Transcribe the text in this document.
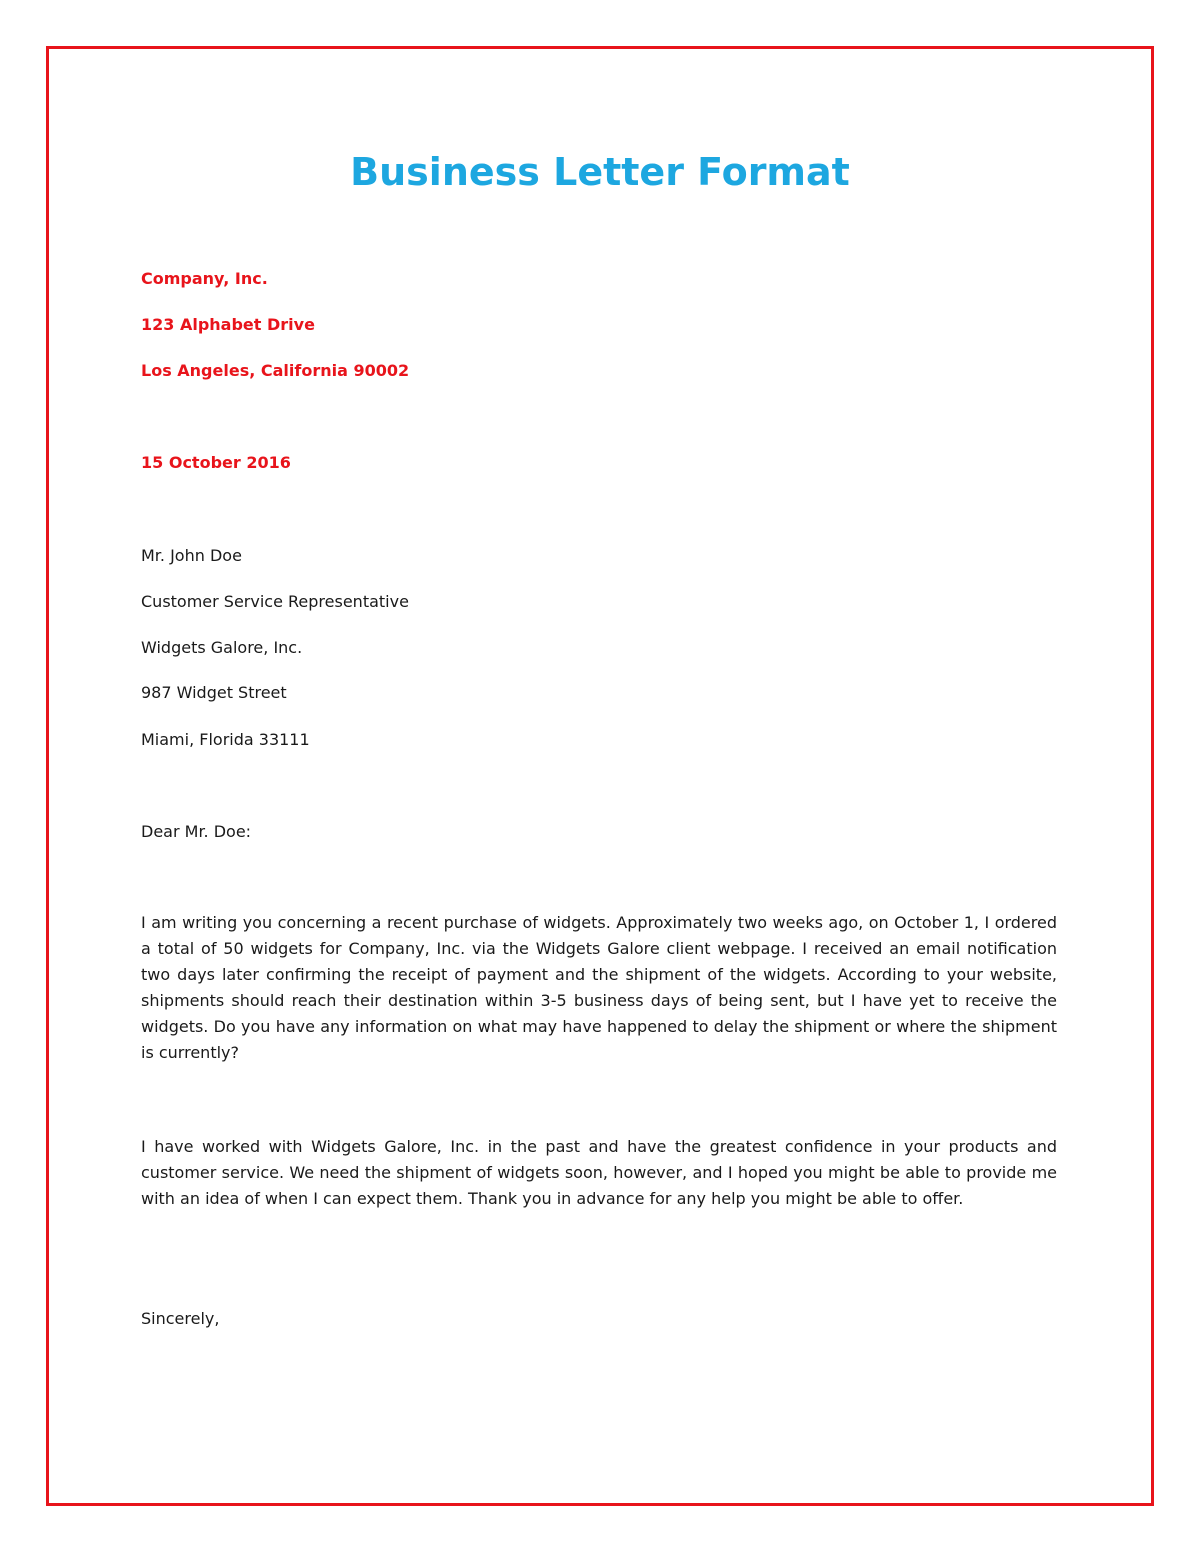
Business Letter Format
Company, Inc.
123 Alphabet Drive
Los Angeles, California 90002
15 October 2016
Mr. John Doe
Customer Service Representative
Widgets Galore, Inc.
987 Widget Street
Miami, Florida 33111
Dear Mr. Doe:
I am writing you concerning a recent purchase of widgets. Approximately two weeks ago, on October 1, I ordered a total of 50 widgets for Company, Inc. via the Widgets Galore client webpage. I received an email notification two days later confirming the receipt of payment and the shipment of the widgets. According to your website, shipments should reach their destination within 3-5 business days of being sent, but I have yet to receive the widgets. Do you have any information on what may have happened to delay the shipment or where the shipment is currently?
I have worked with Widgets Galore, Inc. in the past and have the greatest confidence in your products and customer service. We need the shipment of widgets soon, however, and I hoped you might be able to provide me with an idea of when I can expect them. Thank you in advance for any help you might be able to offer.
Sincerely,
